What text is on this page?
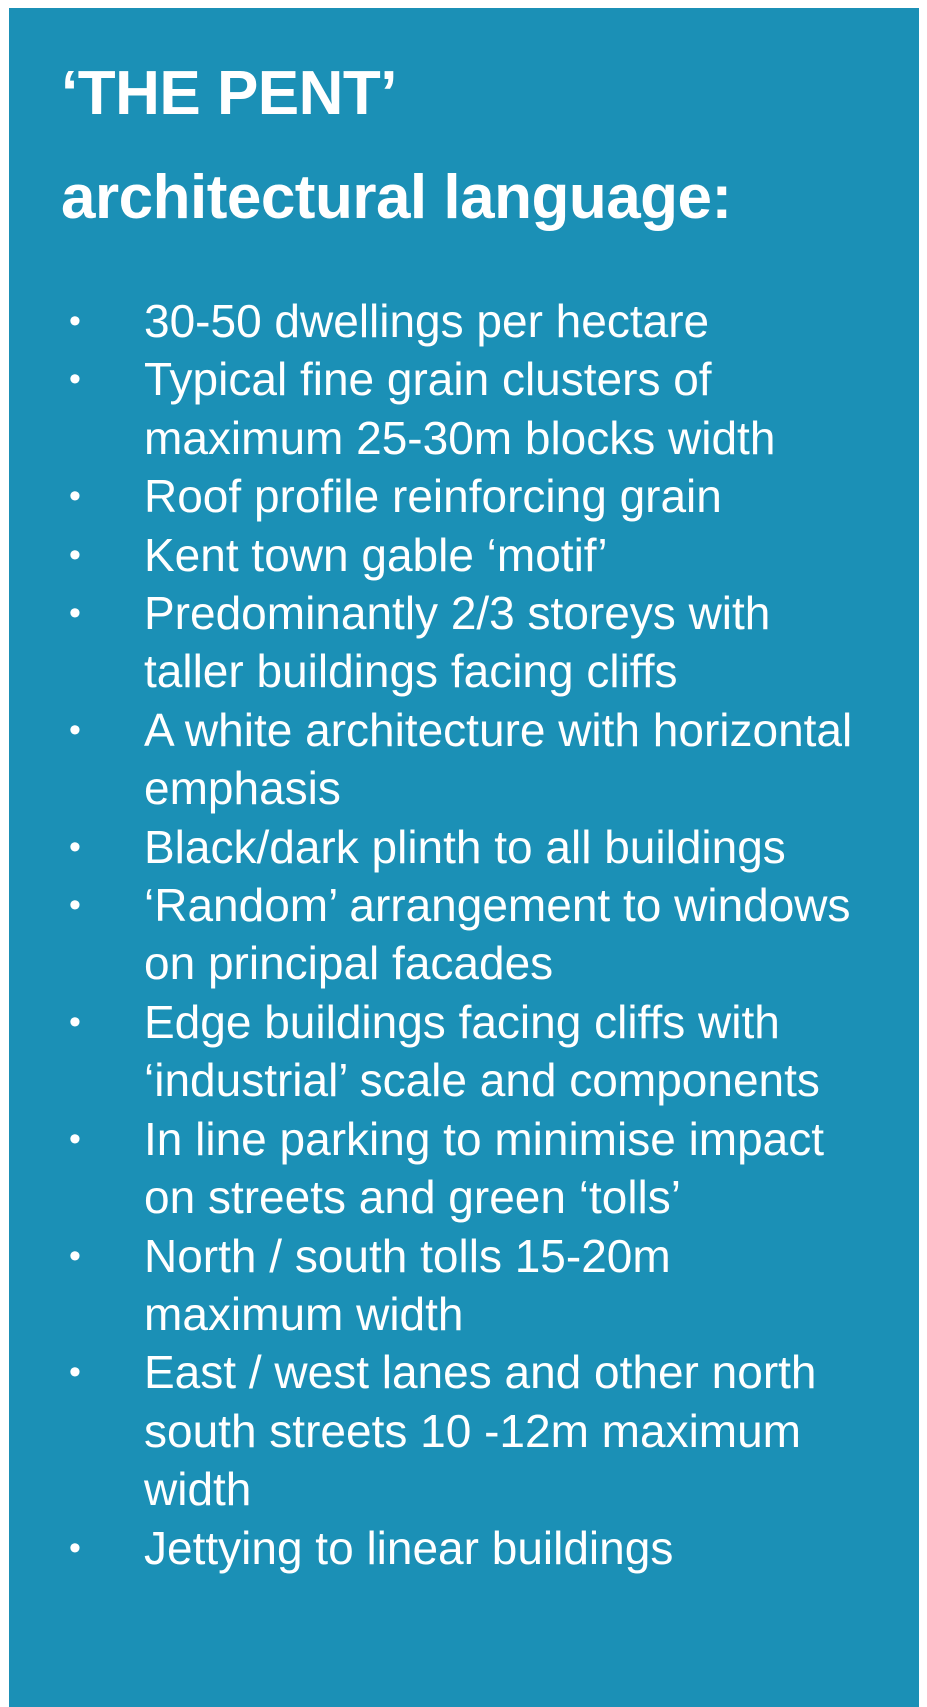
‘THE PENT’
architectural language:
• 30-50 dwellings per hectare
• Typical fine grain clusters of maximum 25-30m blocks width
• Roof profile reinforcing grain
• Kent town gable ‘motif’
• Predominantly 2/3 storeys with taller buildings facing cliffs
• A white architecture with horizontal emphasis
• Black/dark plinth to all buildings
• ‘Random’ arrangement to windows on principal facades
• Edge buildings facing cliffs with ‘industrial’ scale and components
• In line parking to minimise impact on streets and green ‘tolls’
• North / south tolls 15-20m maximum width
• East / west lanes and other north south streets 10 -12m maximum width
• Jettying to linear buildings
